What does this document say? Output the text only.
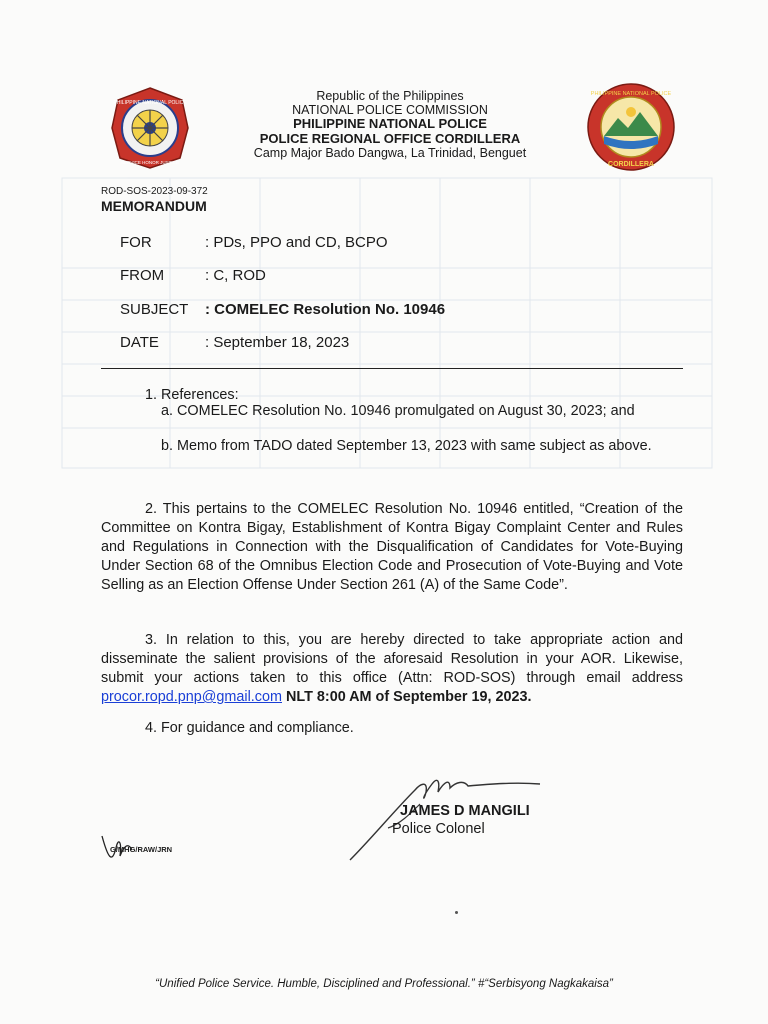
PHILIPPINE NATIONAL POLICE
SERVICE HONOR JUSTICE
PHILIPPINE NATIONAL POLICE
CORDILLERA
Republic of the Philippines
NATIONAL POLICE COMMISSION
PHILIPPINE NATIONAL POLICE
POLICE REGIONAL OFFICE CORDILLERA
Camp Major Bado Dangwa, La Trinidad, Benguet
ROD-SOS-2023-09-372
MEMORANDUM
FOR	: PDs, PPO and CD, BCPO
FROM	: C, ROD
SUBJECT : COMELEC Resolution No. 10946
DATE	: September 18, 2023
1. References:
a. COMELEC Resolution No. 10946 promulgated on August 30, 2023; and
b. Memo from TADO dated September 13, 2023 with same subject as above.
2. This pertains to the COMELEC Resolution No. 10946 entitled, “Creation of the Committee on Kontra Bigay, Establishment of Kontra Bigay Complaint Center and Rules and Regulations in Connection with the Disqualification of Candidates for Vote-Buying Under Section 68 of the Omnibus Election Code and Prosecution of Vote-Buying and Vote Selling as an Election Offense Under Section 261 (A) of the Same Code”.
3. In relation to this, you are hereby directed to take appropriate action and disseminate the salient provisions of the aforesaid Resolution in your AOR. Likewise, submit your actions taken to this office (Attn: ROD-SOS) through email address procor.ropd.pnp@gmail.com NLT 8:00 AM of September 19, 2023.
4. For guidance and compliance.
JAMES D MANGILI
Police Colonel
G/MHG/RAW/JRN
“Unified Police Service. Humble, Disciplined and Professional.” #“Serbisyong Nagkakaisa”
